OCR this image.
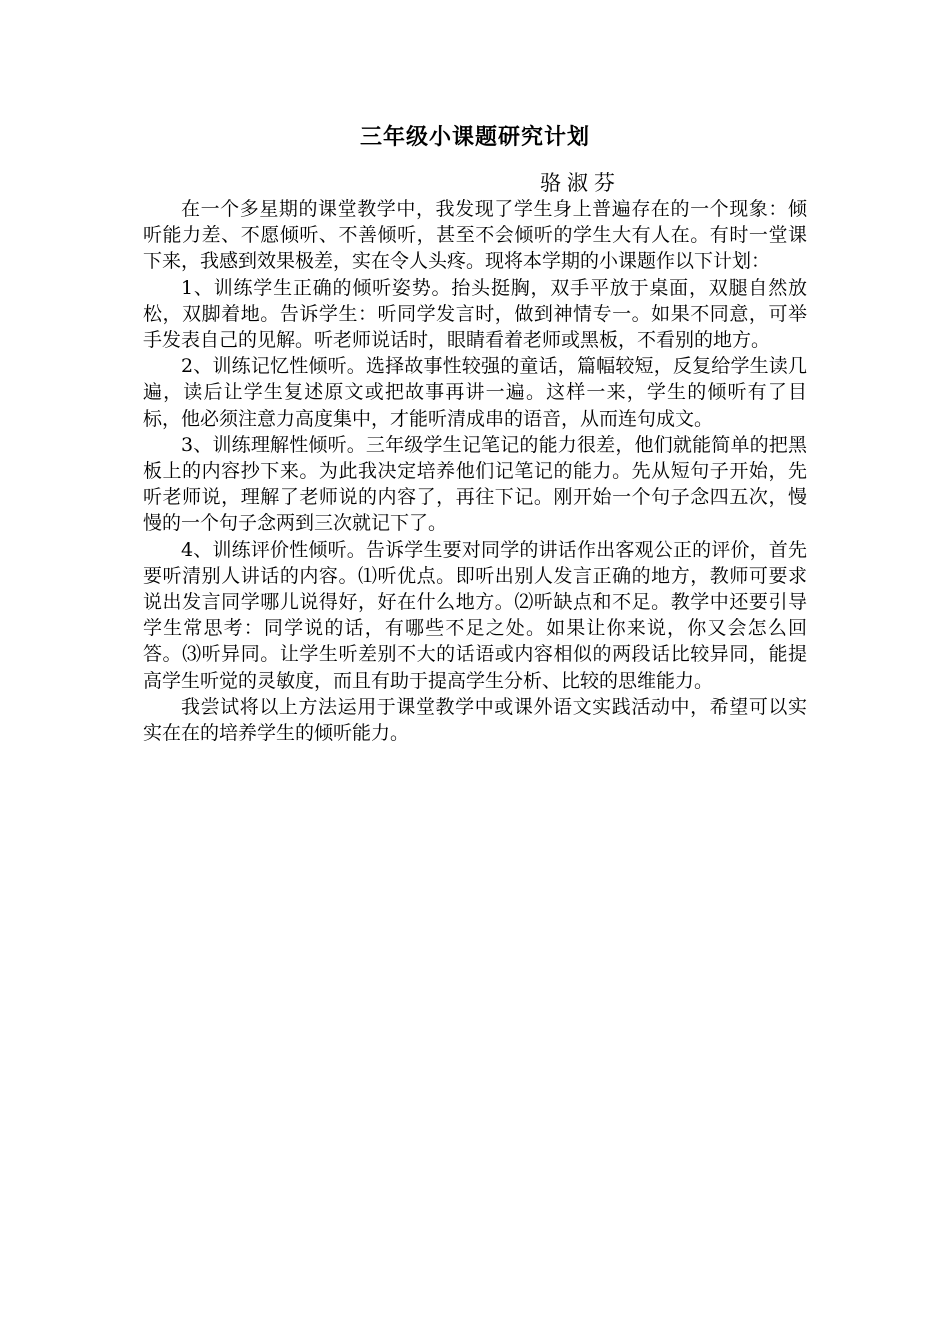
三年级小课题研究计划
骆淑芬

在一个多星期的课堂教学中，我发现了学生身上普遍存在的一个现象：倾听能力差、不愿倾听、不善倾听，甚至不会倾听的学生大有人在。有时一堂课下来，我感到效果极差，实在令人头疼。现将本学期的小课题作以下计划：

1、训练学生正确的倾听姿势。抬头挺胸，双手平放于桌面，双腿自然放松，双脚着地。告诉学生：听同学发言时，做到神情专一。如果不同意，可举手发表自己的见解。听老师说话时，眼睛看着老师或黑板，不看别的地方。

2、训练记忆性倾听。选择故事性较强的童话，篇幅较短，反复给学生读几遍，读后让学生复述原文或把故事再讲一遍。这样一来，学生的倾听有了目标，他必须注意力高度集中，才能听清成串的语音，从而连句成文。

3、训练理解性倾听。三年级学生记笔记的能力很差，他们就能简单的把黑板上的内容抄下来。为此我决定培养他们记笔记的能力。先从短句子开始，先听老师说，理解了老师说的内容了，再往下记。刚开始一个句子念四五次，慢慢的一个句子念两到三次就记下了。

4、训练评价性倾听。告诉学生要对同学的讲话作出客观公正的评价，首先要听清别人讲话的内容。⑴听优点。即听出别人发言正确的地方，教师可要求说出发言同学哪儿说得好，好在什么地方。⑵听缺点和不足。教学中还要引导学生常思考：同学说的话，有哪些不足之处。如果让你来说，你又会怎么回答。⑶听异同。让学生听差别不大的话语或内容相似的两段话比较异同，能提高学生听觉的灵敏度，而且有助于提高学生分析、比较的思维能力。

我尝试将以上方法运用于课堂教学中或课外语文实践活动中，希望可以实实在在的培养学生的倾听能力。
